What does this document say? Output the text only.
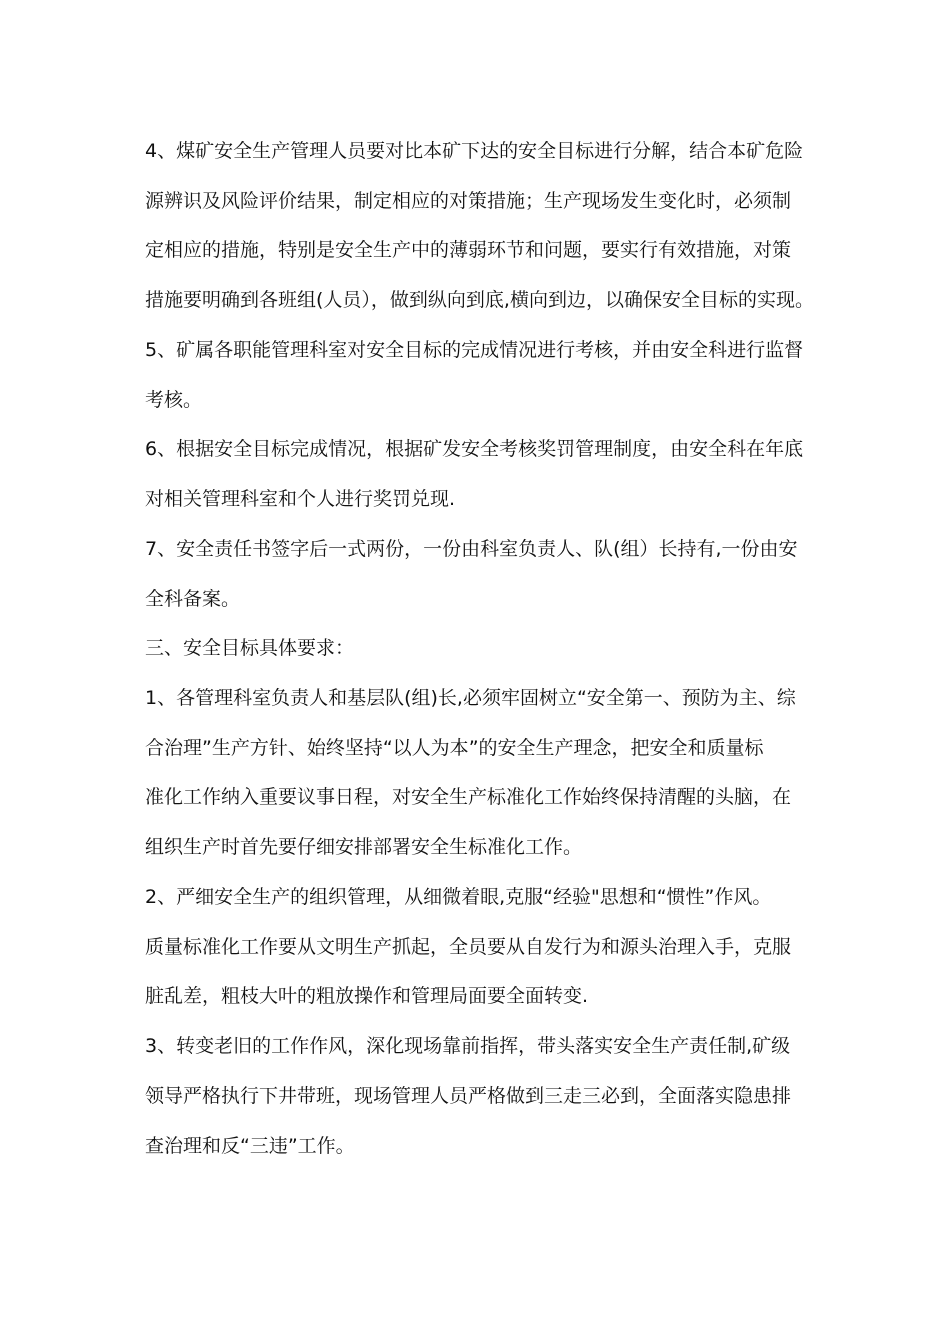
4、煤矿安全生产管理人员要对比本矿下达的安全目标进行分解，结合本矿危险

源辨识及风险评价结果，制定相应的对策措施；生产现场发生变化时，必须制

定相应的措施，特别是安全生产中的薄弱环节和问题，要实行有效措施，对策

措施要明确到各班组(人员），做到纵向到底,横向到边，以确保安全目标的实现。

5、矿属各职能管理科室对安全目标的完成情况进行考核，并由安全科进行监督

考核。

6、根据安全目标完成情况，根据矿发安全考核奖罚管理制度，由安全科在年底

对相关管理科室和个人进行奖罚兑现.

7、安全责任书签字后一式两份，一份由科室负责人、队(组）长持有,一份由安

全科备案。

三、安全目标具体要求：

1、各管理科室负责人和基层队(组)长,必须牢固树立“安全第一、预防为主、综

合治理”生产方针、始终坚持“以人为本”的安全生产理念，把安全和质量标

准化工作纳入重要议事日程，对安全生产标准化工作始终保持清醒的头脑，在

组织生产时首先要仔细安排部署安全生标准化工作。

2、严细安全生产的组织管理，从细微着眼,克服“经验"思想和“惯性”作风。

质量标准化工作要从文明生产抓起，全员要从自发行为和源头治理入手，克服

脏乱差，粗枝大叶的粗放操作和管理局面要全面转变.

3、转变老旧的工作作风，深化现场靠前指挥，带头落实安全生产责任制,矿级

领导严格执行下井带班，现场管理人员严格做到三走三必到，全面落实隐患排

查治理和反“三违”工作。
